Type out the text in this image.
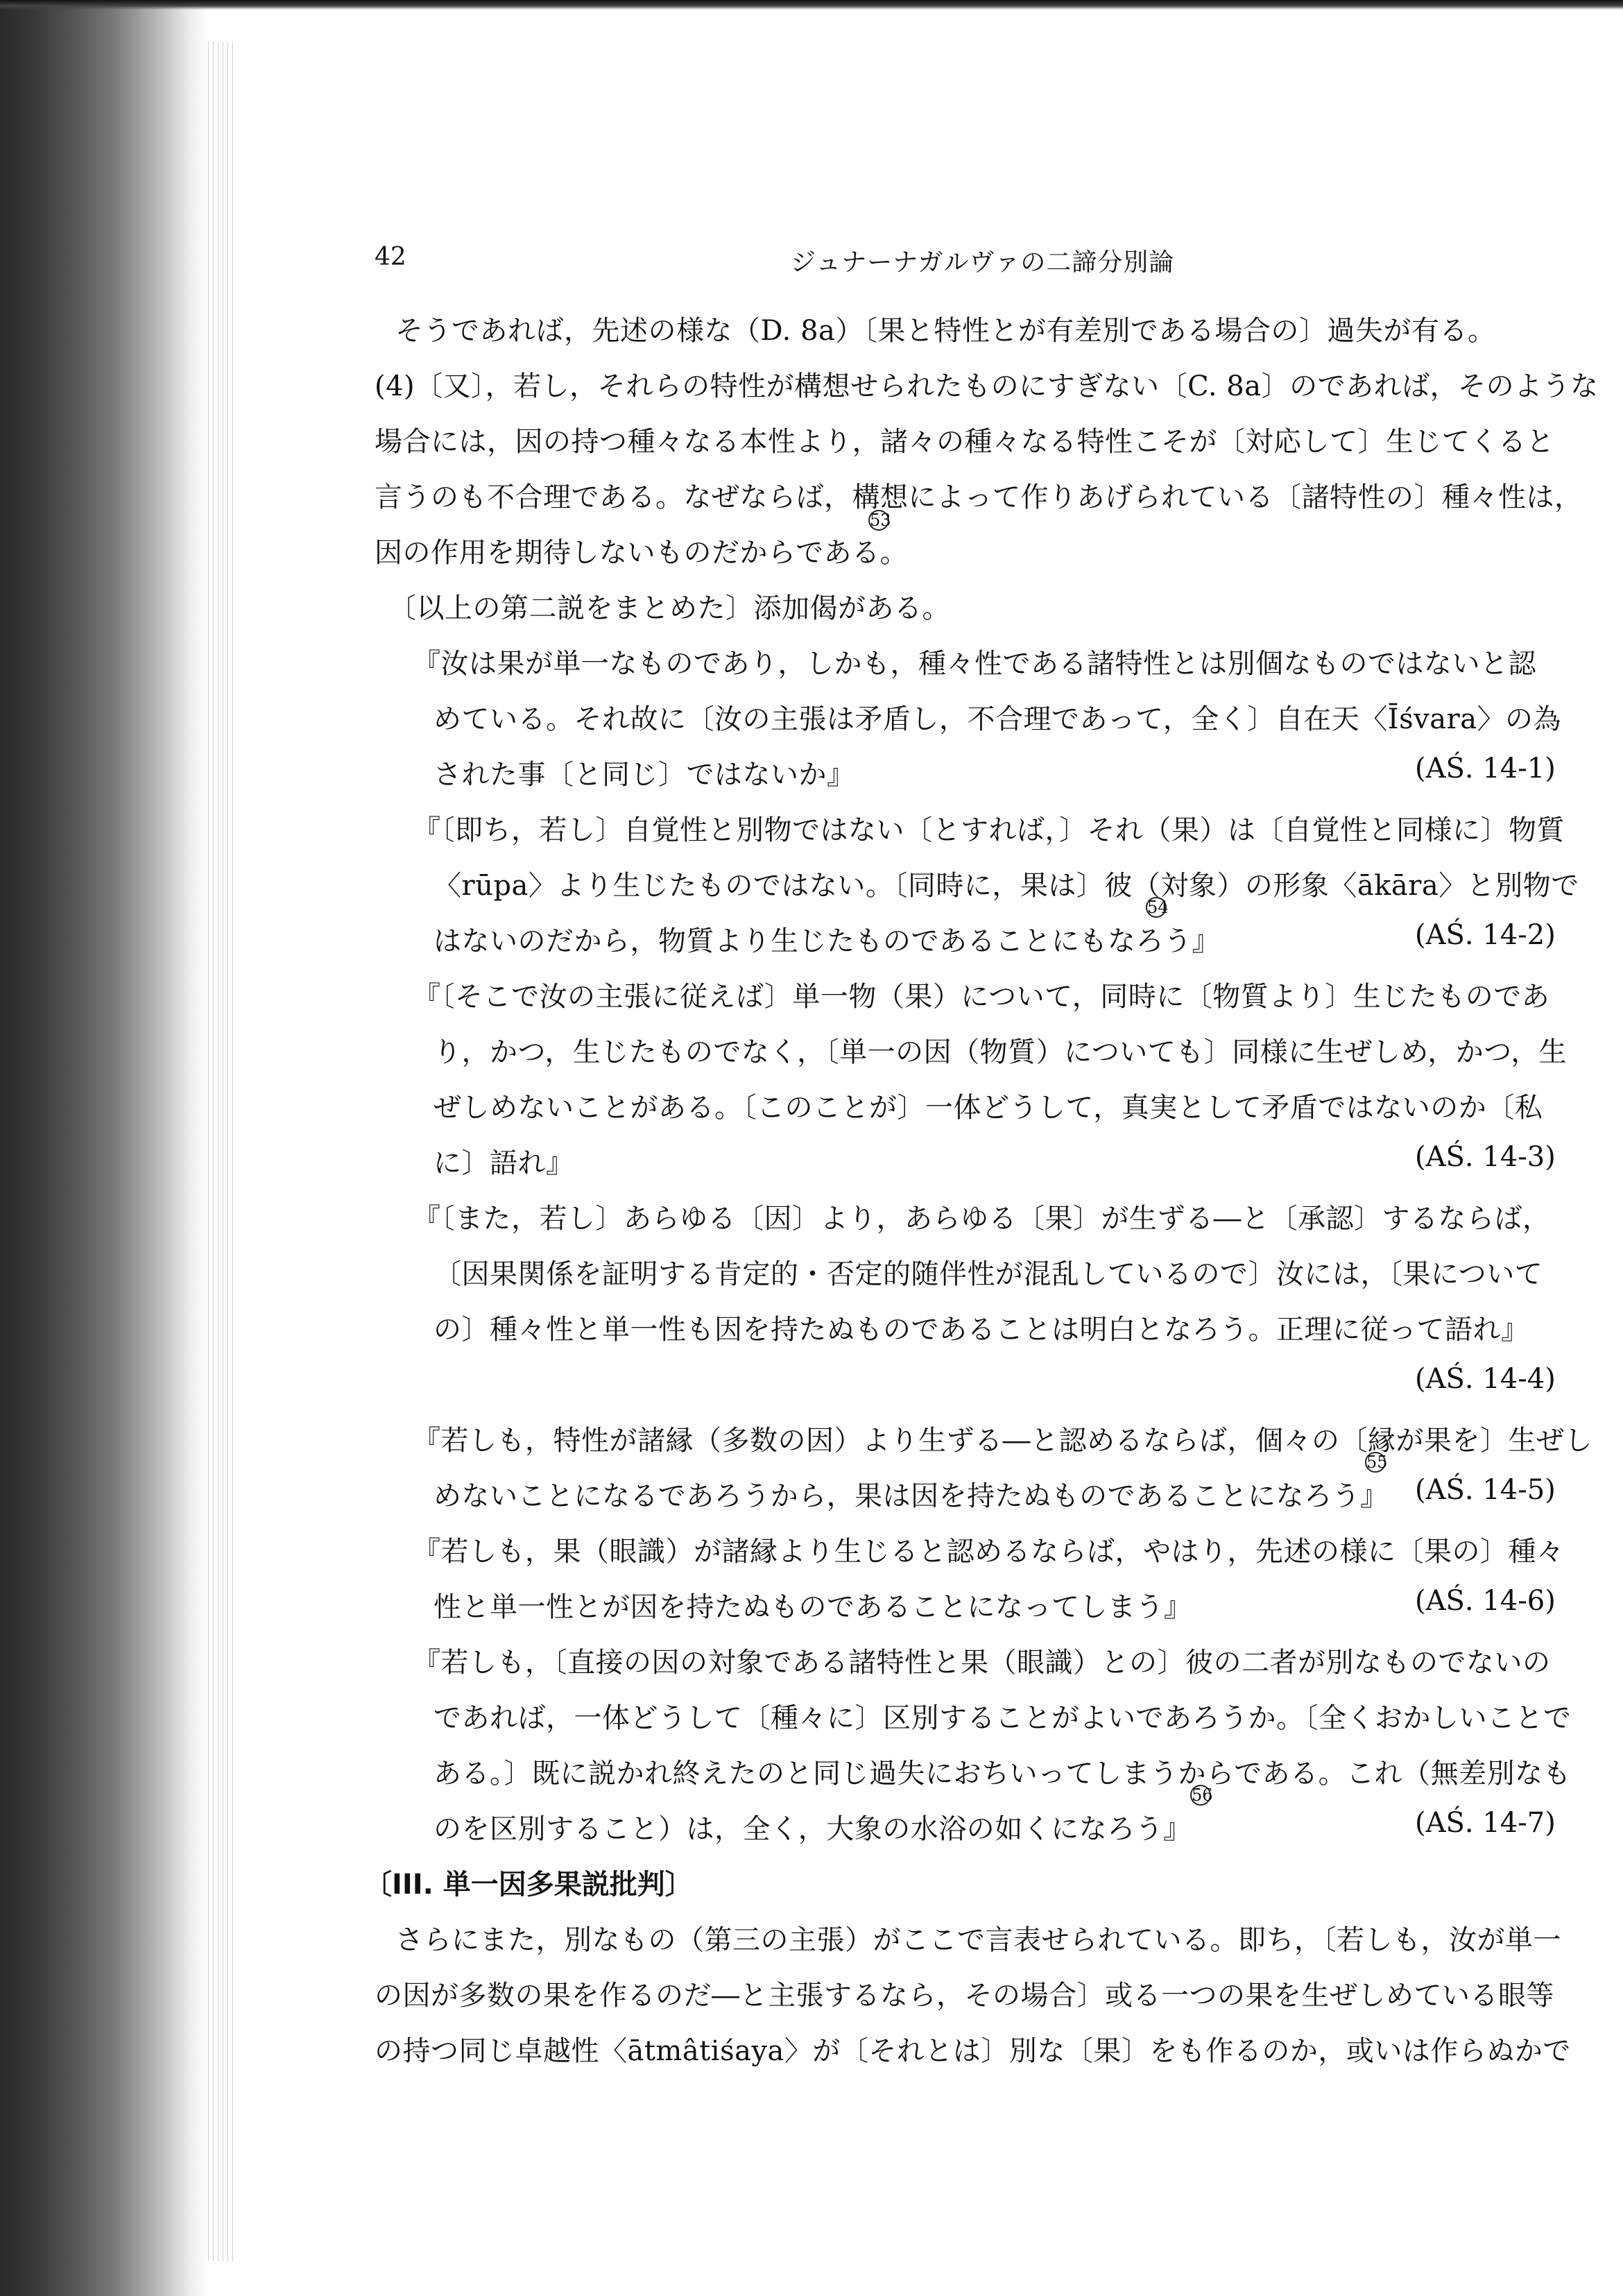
42	ジュナーナガルヴァの二諦分別論
そうであれば，先述の様な（D. 8a）〔果と特性とが有差別である場合の〕過失が有る。
(4)〔又〕，若し，それらの特性が構想せられたものにすぎない〔C. 8a〕のであれば，そのような
場合には，因の持つ種々なる本性より，諸々の種々なる特性こそが〔対応して〕生じてくると
言うのも不合理である。なぜならば，構想によって作りあげられている〔諸特性の〕種々性は，
因の作用を期待しないものだからである。
53
〔以上の第二説をまとめた〕添加偈がある。
『汝は果が単一なものであり，しかも，種々性である諸特性とは別個なものではないと認
めている。それ故に〔汝の主張は矛盾し，不合理であって，全く〕自在天〈Īśvara〉の為
された事〔と同じ〕ではないか』	(AŚ. 14-1)
『〔即ち，若し〕自覚性と別物ではない〔とすれば，〕それ（果）は〔自覚性と同様に〕物質
〈rūpa〉より生じたものではない。〔同時に，果は〕彼（対象）の形象〈ākāra〉と別物で
はないのだから，物質より生じたものであることにもなろう』
54
(AŚ. 14-2)
『〔そこで汝の主張に従えば〕単一物（果）について，同時に〔物質より〕生じたものであ
り，かつ，生じたものでなく，〔単一の因（物質）についても〕同様に生ぜしめ，かつ，生
ぜしめないことがある。〔このことが〕一体どうして，真実として矛盾ではないのか〔私
に〕語れ』	(AŚ. 14-3)
『〔また，若し〕あらゆる〔因〕より，あらゆる〔果〕が生ずる―と〔承認〕するならば，
〔因果関係を証明する肯定的・否定的随伴性が混乱しているので〕汝には，〔果について
の〕種々性と単一性も因を持たぬものであることは明白となろう。正理に従って語れ』
(AŚ. 14-4)
『若しも，特性が諸縁（多数の因）より生ずる―と認めるならば，個々の〔縁が果を〕生ぜし
めないことになるであろうから，果は因を持たぬものであることになろう』
55
(AŚ. 14-5)
『若しも，果（眼識）が諸縁より生じると認めるならば，やはり，先述の様に〔果の〕種々
性と単一性とが因を持たぬものであることになってしまう』	(AŚ. 14-6)
『若しも，〔直接の因の対象である諸特性と果（眼識）との〕彼の二者が別なものでないの
であれば，一体どうして〔種々に〕区別することがよいであろうか。〔全くおかしいことで
ある。〕既に説かれ終えたのと同じ過失におちいってしまうからである。これ（無差別なも
のを区別すること）は，全く，大象の水浴の如くになろう』
56
(AŚ. 14-7)
〔III. 単一因多果説批判〕
さらにまた，別なもの（第三の主張）がここで言表せられている。即ち，〔若しも，汝が単一
の因が多数の果を作るのだ―と主張するなら，その場合〕或る一つの果を生ぜしめている眼等
の持つ同じ卓越性〈ātmâtiśaya〉が〔それとは〕別な〔果〕をも作るのか，或いは作らぬかで
